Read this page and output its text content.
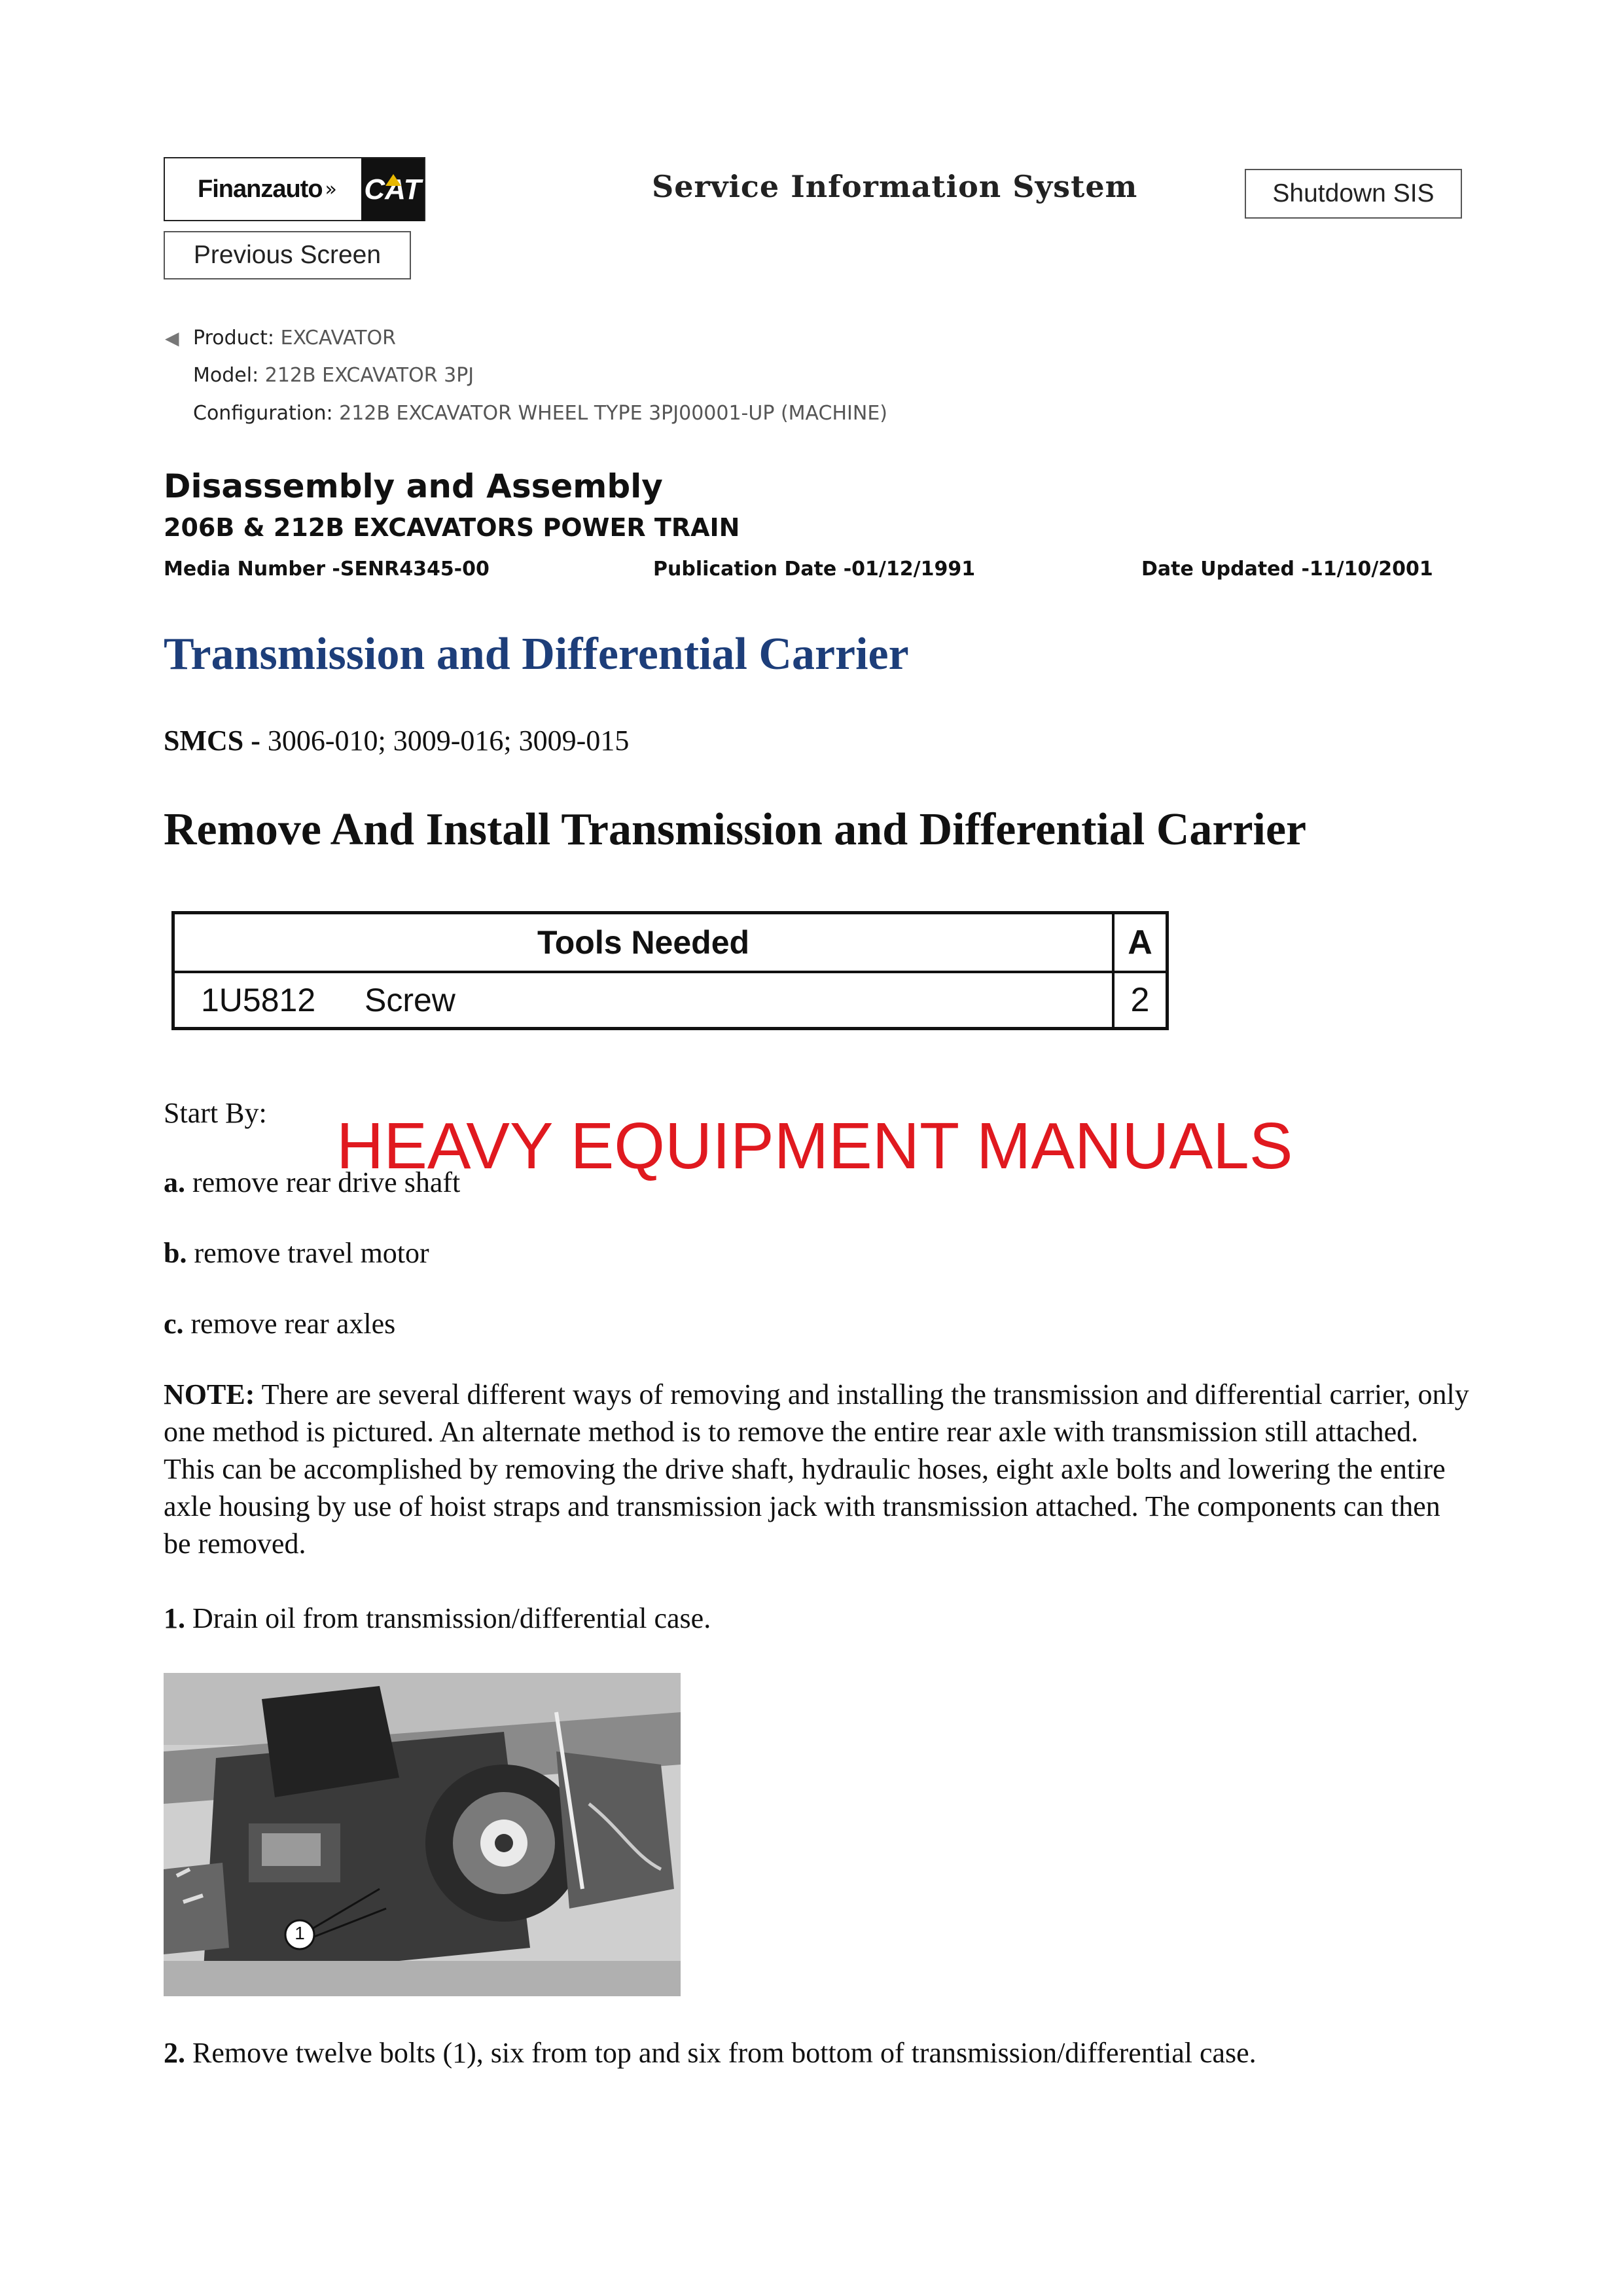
Finanzauto » CAT	Service Information System	Shutdown SIS
Previous Screen
◀ Product: EXCAVATOR
Model: 212B EXCAVATOR 3PJ
Configuration: 212B EXCAVATOR WHEEL TYPE 3PJ00001-UP (MACHINE)
Disassembly and Assembly
206B & 212B EXCAVATORS POWER TRAIN
Media Number -SENR4345-00	Publication Date -01/12/1991	Date Updated -11/10/2001
Transmission and Differential Carrier
SMCS - 3006-010; 3009-016; 3009-015
Remove And Install Transmission and Differential Carrier
Tools Needed	A
1U5812 Screw	2
Start By: HEAVY EQUIPMENT MANUALS
a. remove rear drive shaft
b. remove travel motor
c. remove rear axles
NOTE: There are several different ways of removing and installing the transmission and differential carrier, only one method is pictured. An alternate method is to remove the entire rear axle with transmission still attached. This can be accomplished by removing the drive shaft, hydraulic hoses, eight axle bolts and lowering the entire axle housing by use of hoist straps and transmission jack with transmission attached. The components can then be removed.
1. Drain oil from transmission/differential case.
1
2. Remove twelve bolts (1), six from top and six from bottom of transmission/differential case.
